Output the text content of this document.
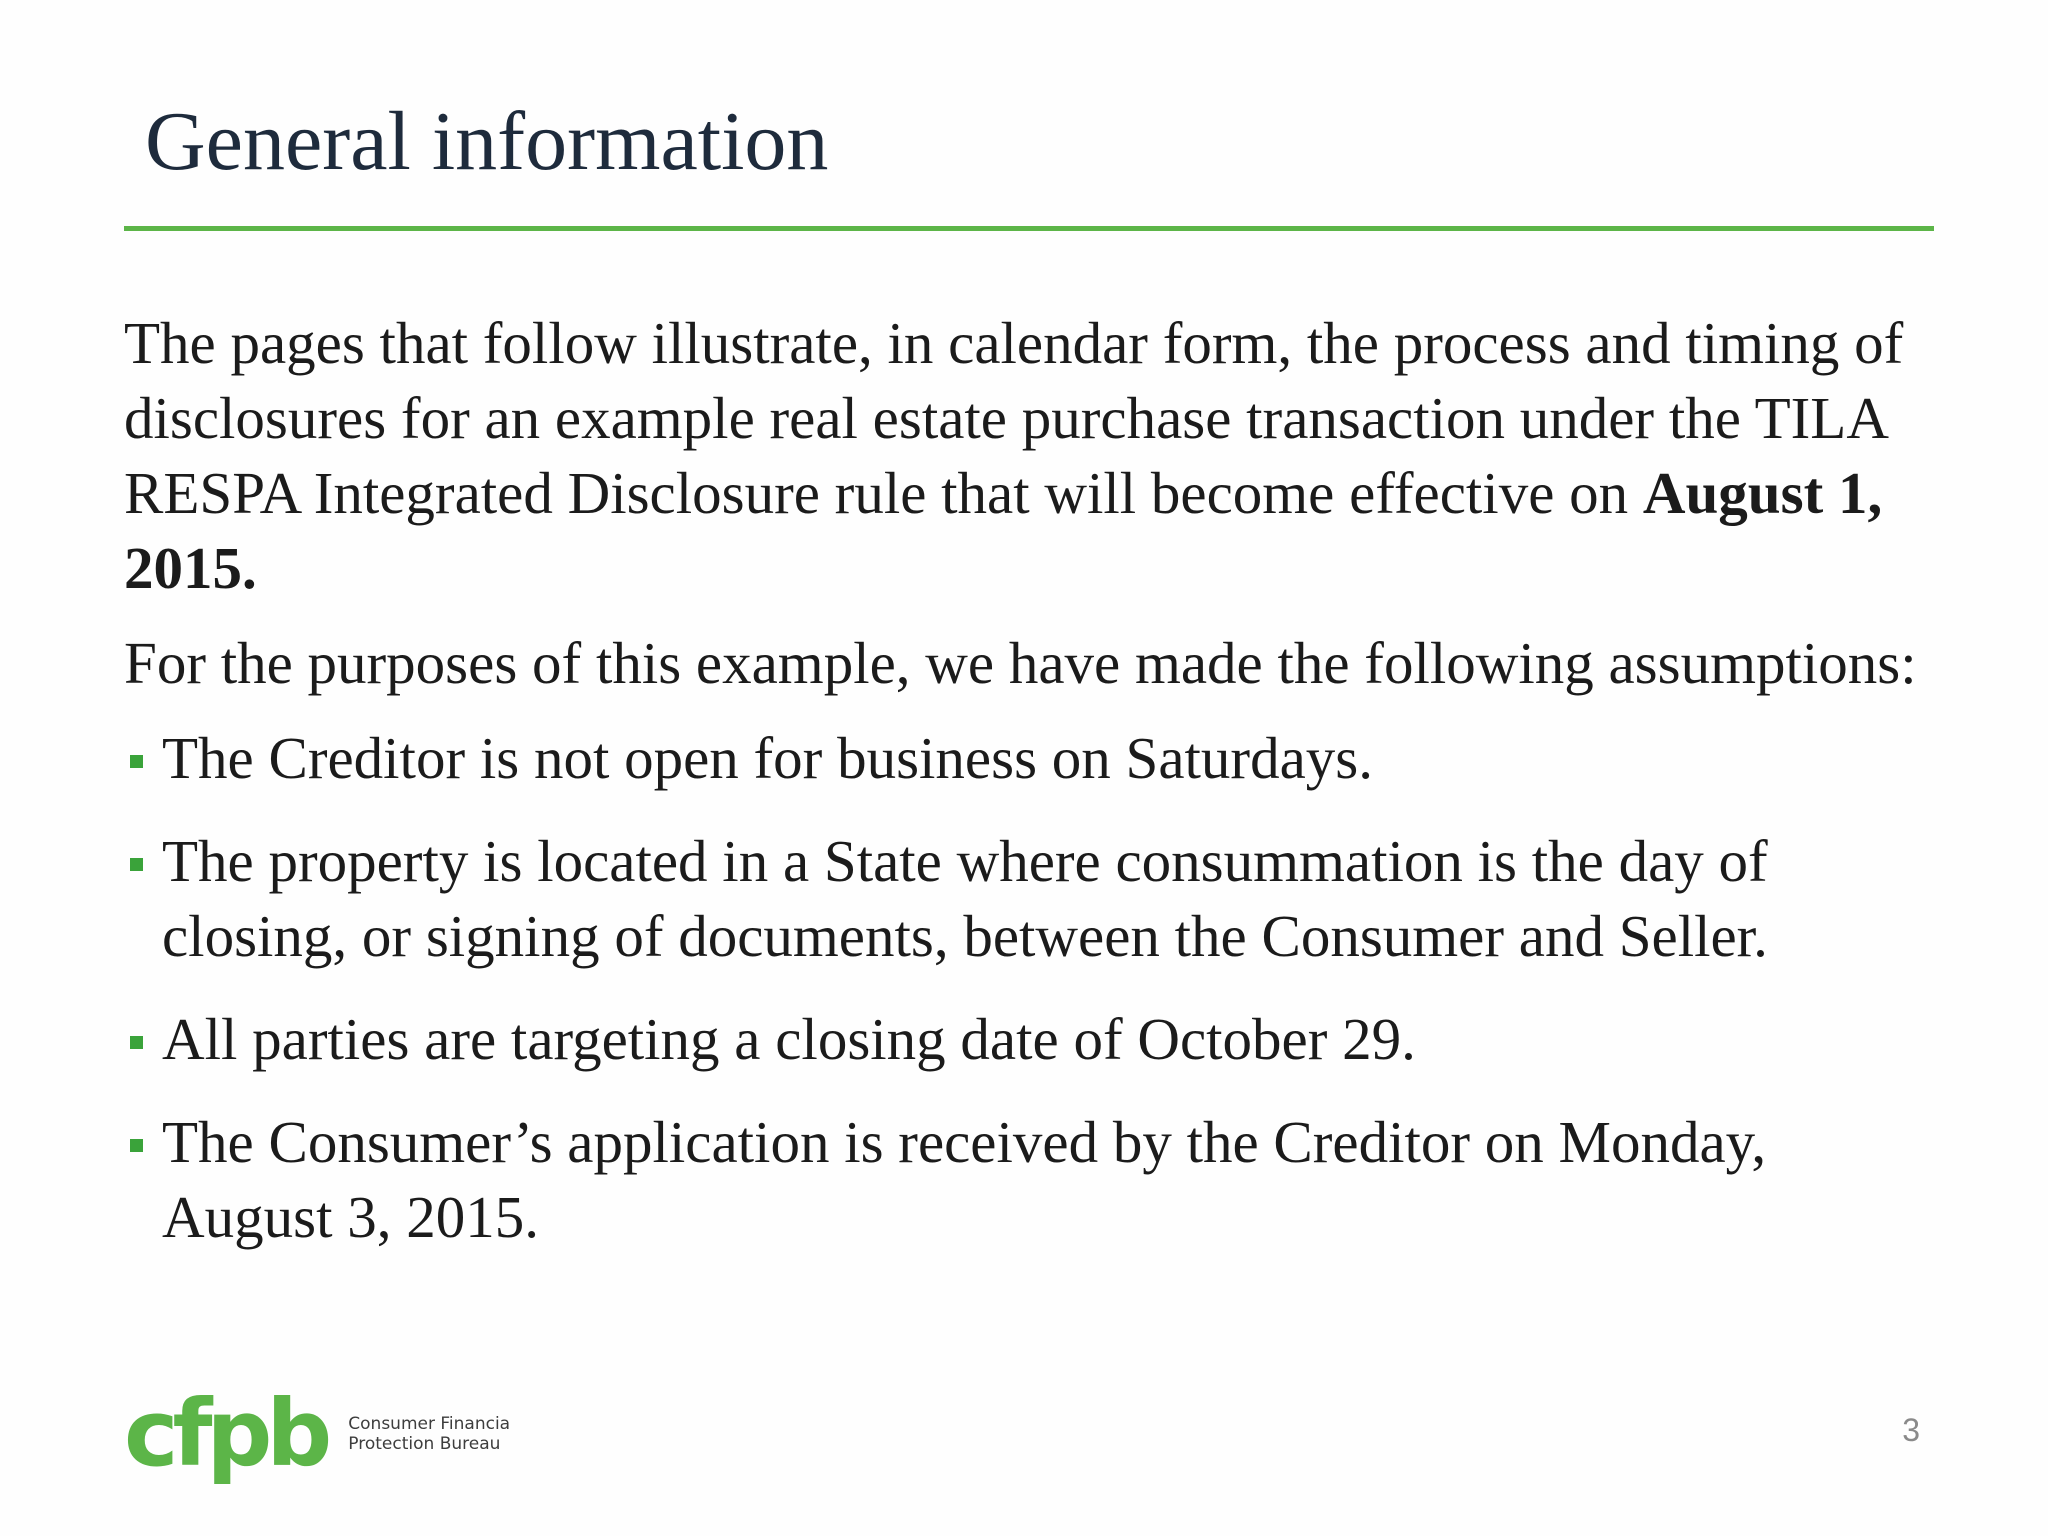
General information

The pages that follow illustrate, in calendar form, the process and timing of disclosures for an example real estate purchase transaction under the TILA RESPA Integrated Disclosure rule that will become effective on August 1, 2015.

For the purposes of this example, we have made the following assumptions:

The Creditor is not open for business on Saturdays.
The property is located in a State where consummation is the day of closing, or signing of documents, between the Consumer and Seller.
All parties are targeting a closing date of October 29.
The Consumer’s application is received by the Creditor on Monday, August 3, 2015.
cfpb Consumer Financia
Protection Bureau	3
